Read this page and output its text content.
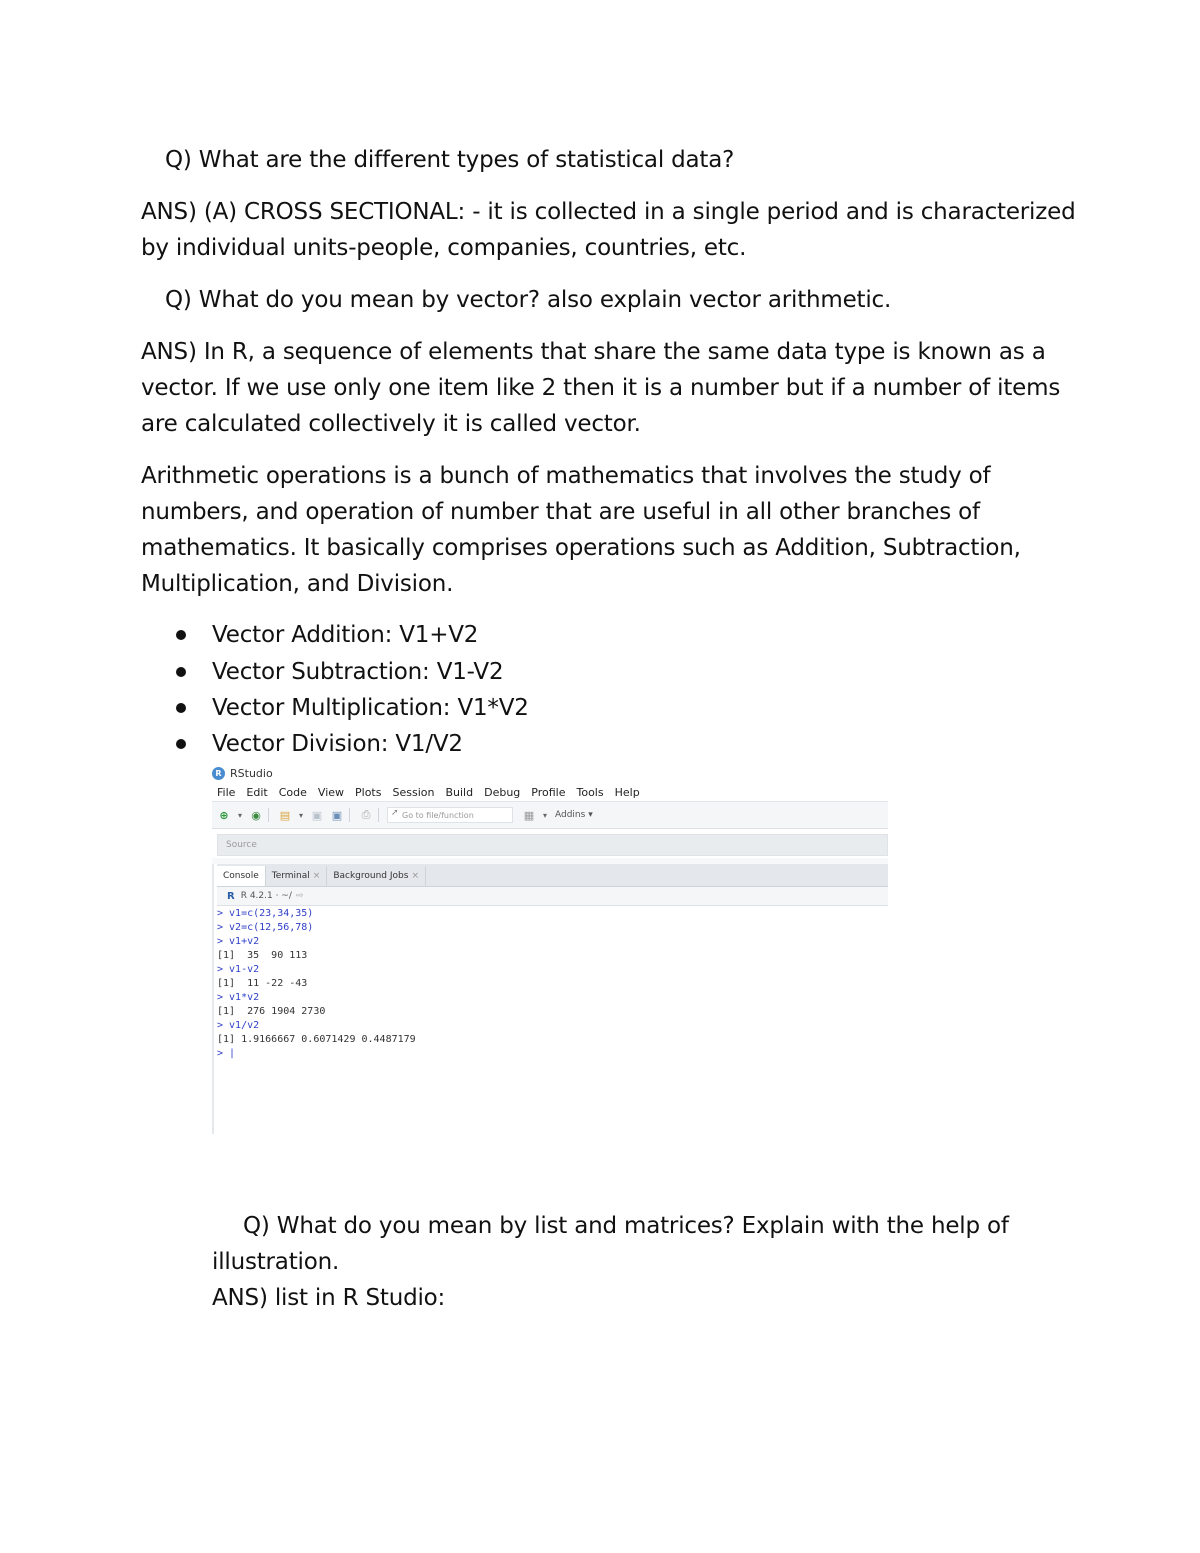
Q) What are the different types of statistical data?
ANS) (A) CROSS SECTIONAL: - it is collected in a single period and is characterized
by individual units-people, companies, countries, etc.
Q) What do you mean by vector? also explain vector arithmetic.
ANS) In R, a sequence of elements that share the same data type is known as a
vector. If we use only one item like 2 then it is a number but if a number of items
are calculated collectively it is called vector.
Arithmetic operations is a bunch of mathematics that involves the study of
numbers, and operation of number that are useful in all other branches of
mathematics. It basically comprises operations such as Addition, Subtraction,
Multiplication, and Division.
Vector Addition: V1+V2
Vector Subtraction: V1-V2
Vector Multiplication: V1*V2
Vector Division: V1/V2
Q) What do you mean by list and matrices? Explain with the help of
illustration.
ANS) list in R Studio:
R RStudio
File Edit Code View Plots Session Build Debug Profile Tools Help
⊕	▾ ◉ ▤	▾ ▣ ▣	⎙	➚ Go to file/function	▦	▾ Addins ▾
Source
Console	Terminal ×	Background Jobs ×
R R 4.2.1 · ~/ ⇨
> v1=c(23,34,35)
> v2=c(12,56,78)
> v1+v2
[1]  35  90 113
> v1-v2
[1]  11 -22 -43
> v1*v2
[1]  276 1904 2730
> v1/v2
[1] 1.9166667 0.6071429 0.4487179
> |
